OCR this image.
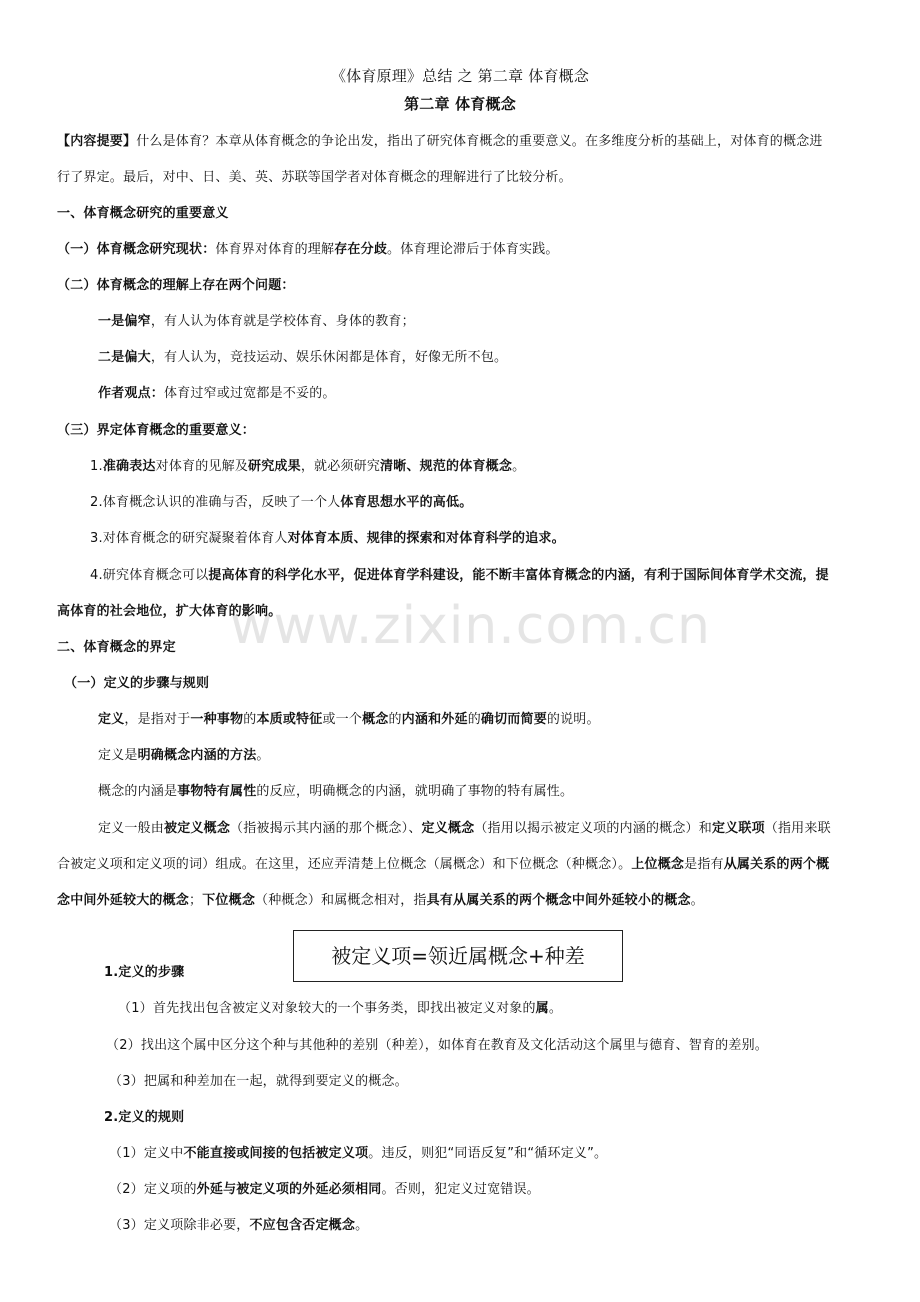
www.zixin.com.cn
《体育原理》总结 之 第二章 体育概念
第二章 体育概念
【内容提要】什么是体育？本章从体育概念的争论出发，指出了研究体育概念的重要意义。在多维度分析的基础上，对体育的概念进
行了界定。最后，对中、日、美、英、苏联等国学者对体育概念的理解进行了比较分析。
一、体育概念研究的重要意义
（一）体育概念研究现状：体育界对体育的理解存在分歧。体育理论滞后于体育实践。
（二）体育概念的理解上存在两个问题：
一是偏窄，有人认为体育就是学校体育、身体的教育；
二是偏大，有人认为，竞技运动、娱乐休闲都是体育，好像无所不包。
作者观点：体育过窄或过宽都是不妥的。
（三）界定体育概念的重要意义：
1.准确表达对体育的见解及研究成果，就必须研究清晰、规范的体育概念。
2.体育概念认识的准确与否，反映了一个人体育思想水平的高低。
3.对体育概念的研究凝聚着体育人对体育本质、规律的探索和对体育科学的追求。
4.研究体育概念可以提高体育的科学化水平，促进体育学科建设，能不断丰富体育概念的内涵，有利于国际间体育学术交流，提
高体育的社会地位，扩大体育的影响。
二、体育概念的界定
（一）定义的步骤与规则
定义，是指对于一种事物的本质或特征或一个概念的内涵和外延的确切而简要的说明。
定义是明确概念内涵的方法。
概念的内涵是事物特有属性的反应，明确概念的内涵，就明确了事物的特有属性。
定义一般由被定义概念（指被揭示其内涵的那个概念）、定义概念（指用以揭示被定义项的内涵的概念）和定义联项（指用来联
合被定义项和定义项的词）组成。在这里，还应弄清楚上位概念（属概念）和下位概念（种概念）。上位概念是指有从属关系的两个概
念中间外延较大的概念；下位概念（种概念）和属概念相对，指具有从属关系的两个概念中间外延较小的概念。
被定义项=领近属概念+种差
1.定义的步骤
（1）首先找出包含被定义对象较大的一个事务类，即找出被定义对象的属。
（2）找出这个属中区分这个种与其他种的差别（种差），如体育在教育及文化活动这个属里与德育、智育的差别。
（3）把属和种差加在一起，就得到要定义的概念。
2.定义的规则
（1）定义中不能直接或间接的包括被定义项。违反，则犯“同语反复”和“循环定义”。
（2）定义项的外延与被定义项的外延必须相同。否则，犯定义过宽错误。
（3）定义项除非必要，不应包含否定概念。
